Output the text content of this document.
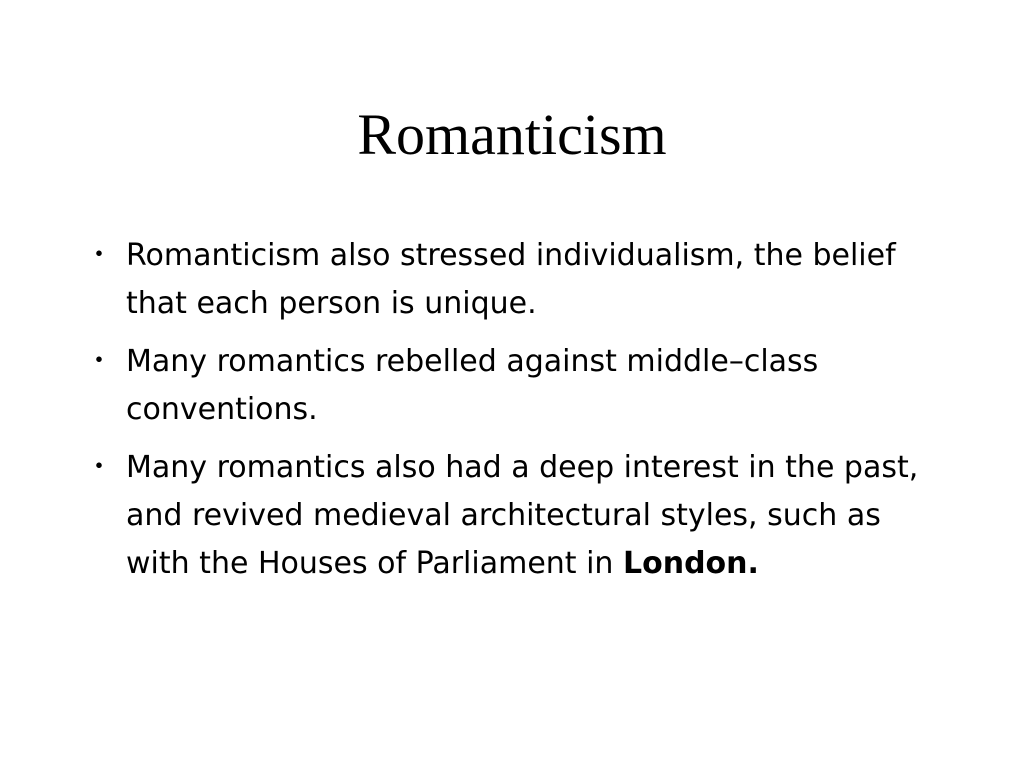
Romanticism
・ Romanticism also stressed individualism, the belief that each person is unique.
・ Many romantics rebelled against middle–class conventions.
・ Many romantics also had a deep interest in the past, and revived medieval architectural styles, such as with the Houses of Parliament in London.
